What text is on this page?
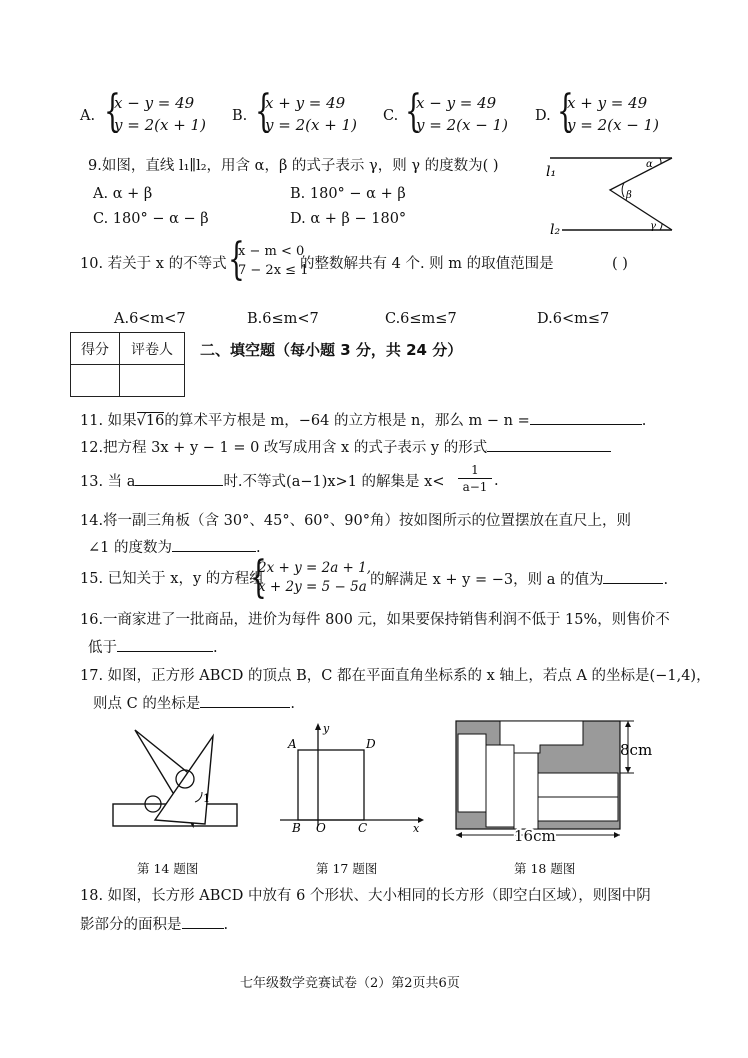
A. {
x − y = 49
y = 2(x + 1) B. {
x + y = 49
y = 2(x + 1) C. {
x − y = 49
y = 2(x − 1) D. {
x + y = 49
y = 2(x − 1)
9.如图，直线 l₁∥l₂，用含 α，β 的式子表示 γ，则 γ 的度数为( )
A. α + β	B. 180° − α + β
C. 180° − α − β	D. α + β − 180°
l₁
l₂
α
β
γ
10. 若关于 x 的不等式 {
x − m < 0
7 − 2x ≤ 1
的整数解共有 4 个. 则 m 的取值范围是	( )
A.6<m<7	B.6≤m<7	C.6≤m≤7	D.6<m≤7
得分	评卷人
	二、填空题（每小题 3 分，共 24 分）
11. 如果√16的算术平方根是 m，−64 的立方根是 n，那么 m − n =	.
12.把方程 3x + y − 1 = 0 改写成用含 x 的式子表示 y 的形式
13. 当 a	时.不等式(a−1)x>1 的解集是 $x< \frac{1}{a-1}$ .
14.将一副三角板（含 30°、45°、60°、90°角）按如图所示的位置摆放在直尺上，则
∠1 的度数为	.
15. 已知关于 x，y 的方程组
{
2x + y = 2a + 1,
x + 2y = 5 − 5a 的解满足 x + y = −3，则 a 的值为	.
16.一商家进了一批商品，进价为每件 800 元，如果要保持销售利润不低于 15%，则售价不
低于	.
17. 如图，正方形 ABCD 的顶点 B，C 都在平面直角坐标系的 x 轴上，若点 A 的坐标是(−1,4)，
则点 C 的坐标是	.
1
第 14 题图
A	D
B O	C	x
y
第 17 题图
8cm
16cm
第 18 题图
18. 如图，长方形 ABCD 中放有 6 个形状、大小相同的长方形（即空白区域），则图中阴
影部分的面积是	.
七年级数学竞赛试卷（2）第2页共6页
